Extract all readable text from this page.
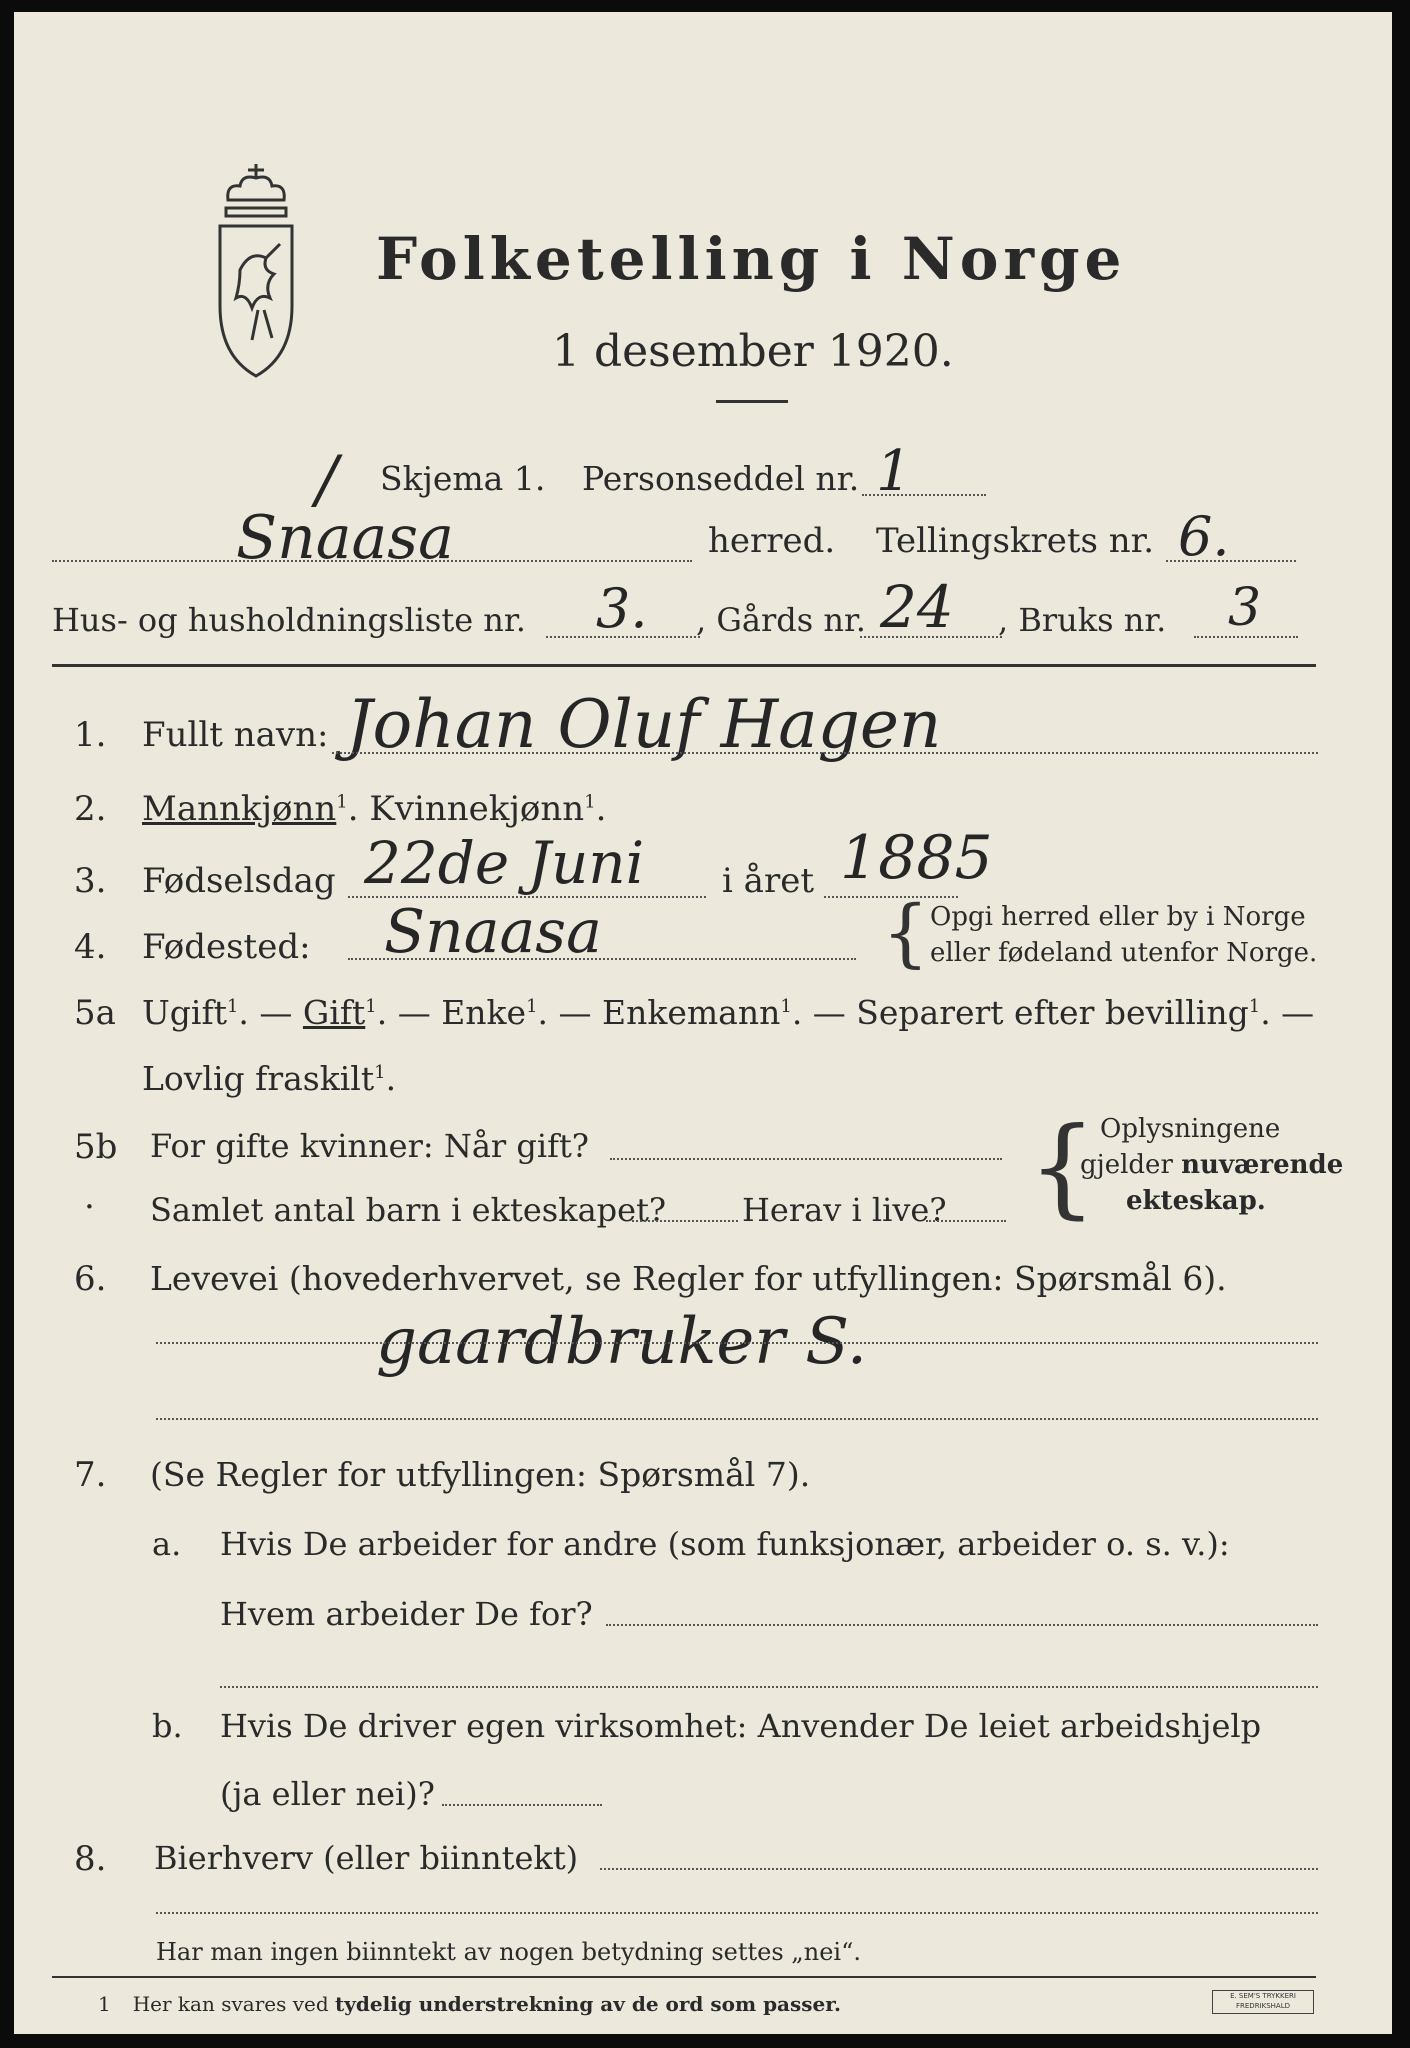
Folketelling i Norge
1 desember 1920.
/ Skjema 1. Personseddel nr. 1
Snaasa	herred. Tellingskrets nr. 6.
Hus- og husholdningsliste nr. 3. , Gårds nr. 24 , Bruks nr. 3
1. Fullt navn: Johan Oluf Hagen
2. Mannkjønn$^1$. Kvinnekjønn$^1$.
3. Fødselsdag 22de Juni i året 1885
4. Fødested: Snaasa	{ Opgi herred eller by i Norge
eller fødeland utenfor Norge.
5a Ugift$^1$. — Gift$^1$. — Enke$^1$. — Enkemann$^1$. — Separert efter bevilling$^1$. —
Lovlig fraskilt$^1$.
5b For gifte kvinner: Når gift?
. Samlet antal barn i ekteskapet? Herav i live? { Oplysningene
gjelder nuværende
ekteskap.
6. Levevei (hovederhvervet, se Regler for utfyllingen: Spørsmål 6).
gaardbruker S.
7. (Se Regler for utfyllingen: Spørsmål 7).
a. Hvis De arbeider for andre (som funksjonær, arbeider o. s. v.):
Hvem arbeider De for?
b. Hvis De driver egen virksomhet: Anvender De leiet arbeidshjelp
(ja eller nei)?
8. Bierhverv (eller biinntekt)
Har man ingen biinntekt av nogen betydning settes „nei“.
1 Her kan svares ved tydelig understrekning av de ord som passer.	E. SEM'S TRYKKERI
FREDRIKSHALD
